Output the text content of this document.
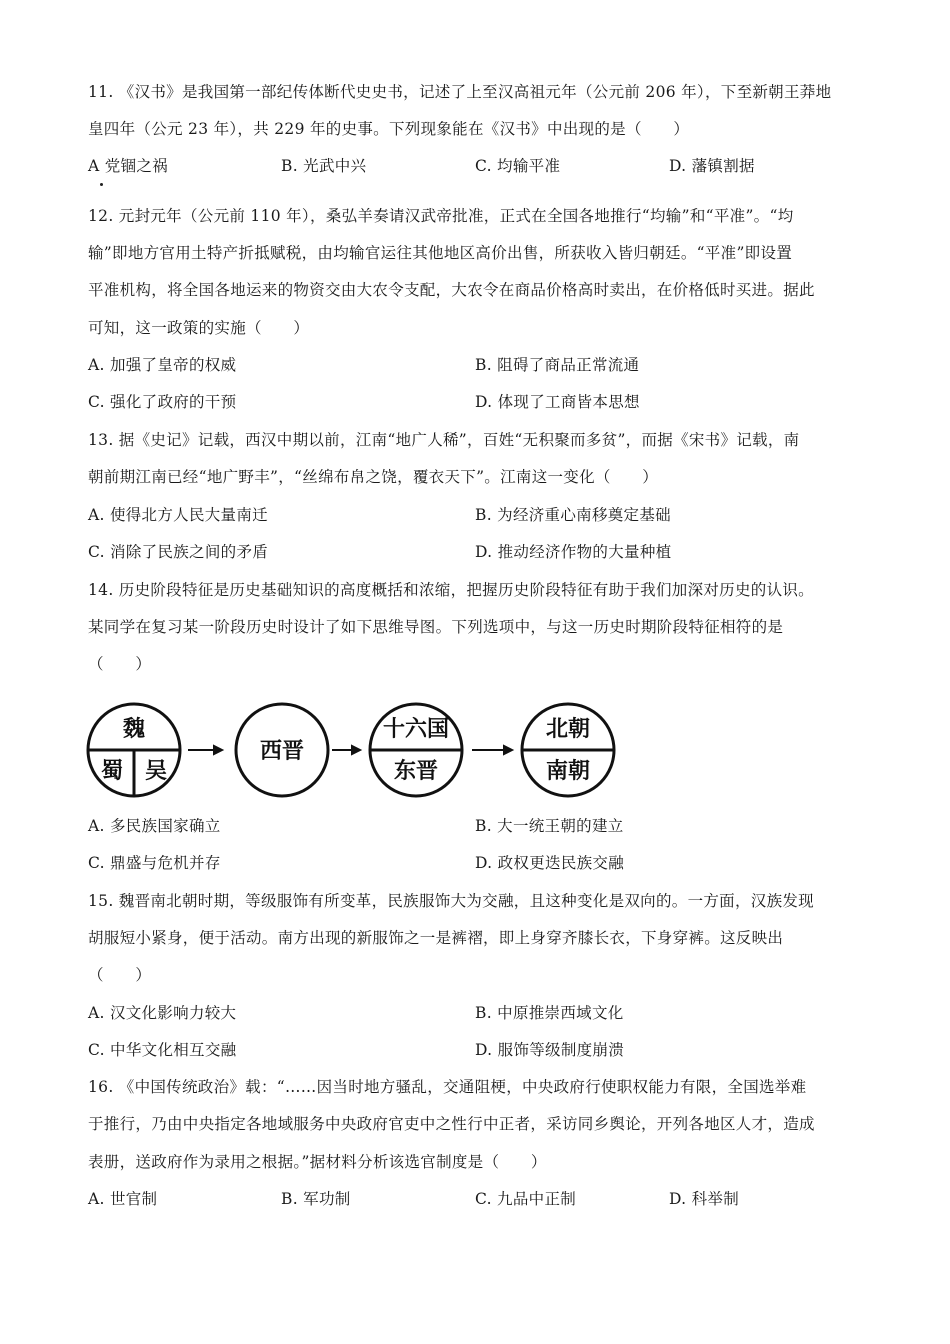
11. 《汉书》是我国第一部纪传体断代史史书，记述了上至汉高祖元年（公元前 206 年），下至新朝王莽地
皇四年（公元 23 年），共 229 年的史事。下列现象能在《汉书》中出现的是（　　）
A 党锢之祸	B. 光武中兴	C. 均输平准	D. 藩镇割据
12. 元封元年（公元前 110 年），桑弘羊奏请汉武帝批准，正式在全国各地推行“均输”和“平准”。“均
输”即地方官用土特产折抵赋税，由均输官运往其他地区高价出售，所获收入皆归朝廷。“平准”即设置
平准机构，将全国各地运来的物资交由大农令支配，大农令在商品价格高时卖出，在价格低时买进。据此
可知，这一政策的实施（　　）
A. 加强了皇帝的权威	B. 阻碍了商品正常流通
C. 强化了政府的干预	D. 体现了工商皆本思想
13. 据《史记》记载，西汉中期以前，江南“地广人稀”，百姓“无积聚而多贫”，而据《宋书》记载，南
朝前期江南已经“地广野丰”，“丝绵布帛之饶，覆衣天下”。江南这一变化（　　）
A. 使得北方人民大量南迁	B. 为经济重心南移奠定基础
C. 消除了民族之间的矛盾	D. 推动经济作物的大量种植
14. 历史阶段特征是历史基础知识的高度概括和浓缩，把握历史阶段特征有助于我们加深对历史的认识。
某同学在复习某一阶段历史时设计了如下思维导图。下列选项中，与这一历史时期阶段特征相符的是
（　　）
魏
蜀 吴
西晋
十六国
东晋
北朝
南朝
A. 多民族国家确立	B. 大一统王朝的建立
C. 鼎盛与危机并存	D. 政权更迭民族交融
15. 魏晋南北朝时期，等级服饰有所变革，民族服饰大为交融，且这种变化是双向的。一方面，汉族发现
胡服短小紧身，便于活动。南方出现的新服饰之一是裤褶，即上身穿齐膝长衣，下身穿裤。这反映出
（　　）
A. 汉文化影响力较大	B. 中原推崇西域文化
C. 中华文化相互交融	D. 服饰等级制度崩溃
16. 《中国传统政治》载：“……因当时地方骚乱，交通阻梗，中央政府行使职权能力有限，全国选举难
于推行，乃由中央指定各地域服务中央政府官吏中之性行中正者，采访同乡舆论，开列各地区人才，造成
表册，送政府作为录用之根据。”据材料分析该选官制度是（　　）
A. 世官制	B. 军功制	C. 九品中正制	D. 科举制
